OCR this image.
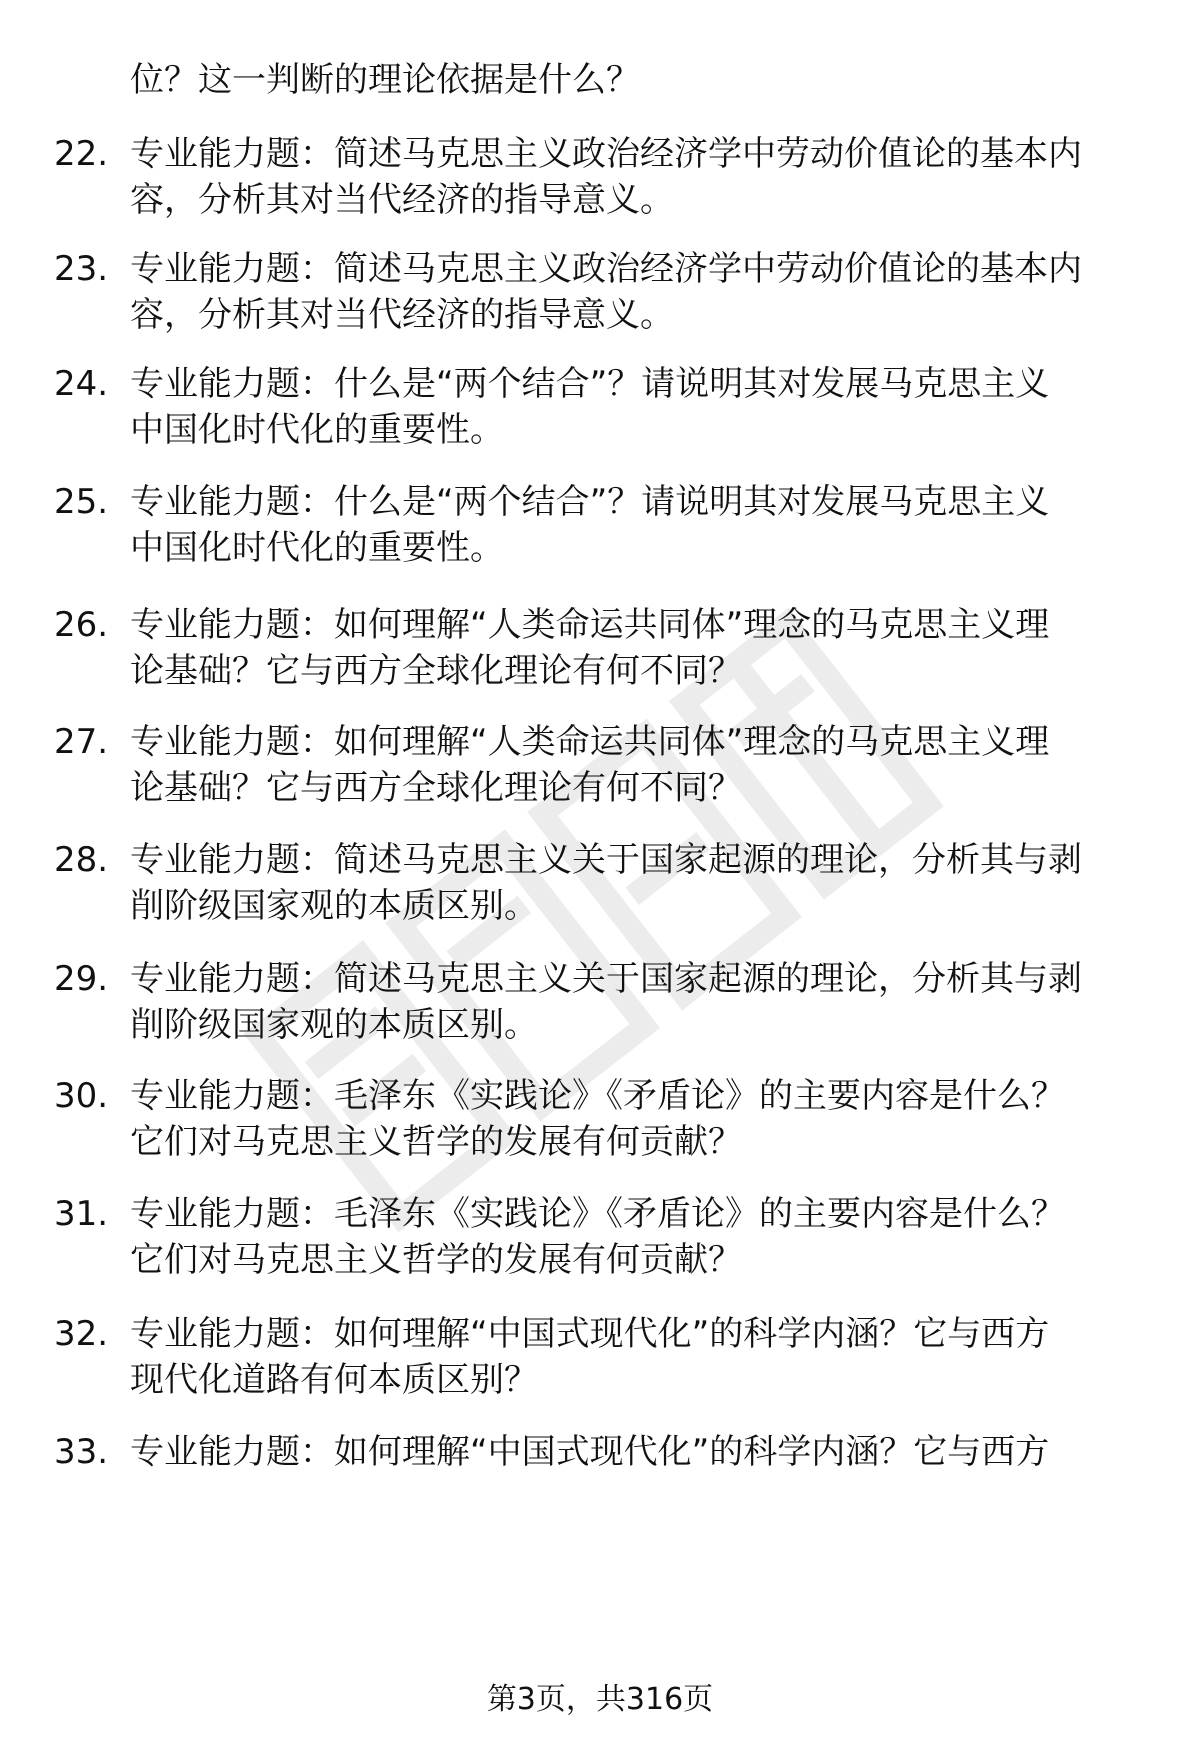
位？这一判断的理论依据是什么？
22. 专业能力题：简述马克思主义政治经济学中劳动价值论的基本内
容，分析其对当代经济的指导意义。
23. 专业能力题：简述马克思主义政治经济学中劳动价值论的基本内
容，分析其对当代经济的指导意义。
24. 专业能力题：什么是“两个结合”？请说明其对发展马克思主义
中国化时代化的重要性。
25. 专业能力题：什么是“两个结合”？请说明其对发展马克思主义
中国化时代化的重要性。
26. 专业能力题：如何理解“人类命运共同体”理念的马克思主义理
论基础？它与西方全球化理论有何不同？
27. 专业能力题：如何理解“人类命运共同体”理念的马克思主义理
论基础？它与西方全球化理论有何不同？
28. 专业能力题：简述马克思主义关于国家起源的理论，分析其与剥
削阶级国家观的本质区别。
29. 专业能力题：简述马克思主义关于国家起源的理论，分析其与剥
削阶级国家观的本质区别。
30. 专业能力题：毛泽东《实践论》《矛盾论》的主要内容是什么？
它们对马克思主义哲学的发展有何贡献？
31. 专业能力题：毛泽东《实践论》《矛盾论》的主要内容是什么？
它们对马克思主义哲学的发展有何贡献？
32. 专业能力题：如何理解“中国式现代化”的科学内涵？它与西方
现代化道路有何本质区别？
33. 专业能力题：如何理解“中国式现代化”的科学内涵？它与西方
第3页，共316页
